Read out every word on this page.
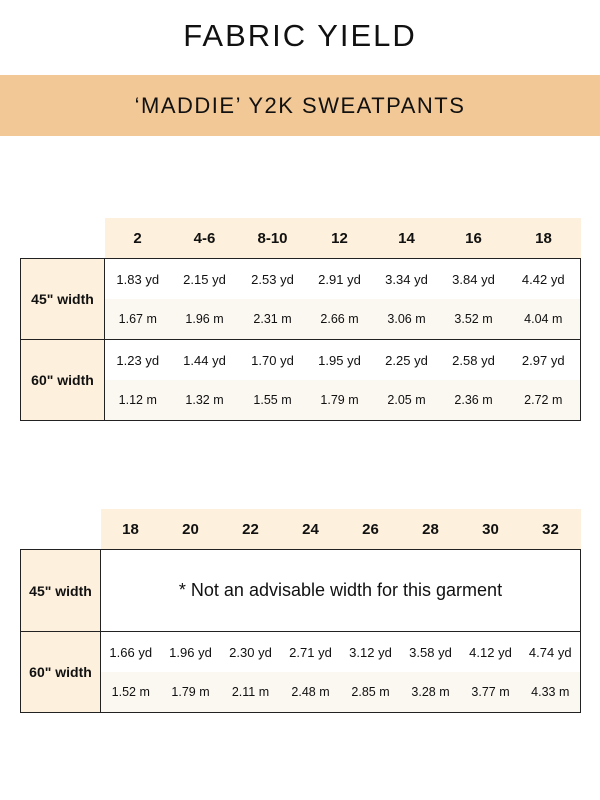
FABRIC YIELD
‘MADDIE’ Y2K SWEATPANTS
	2	4-6	8-10	12	14	16	18
45" width	1.83 yd	2.15 yd	2.53 yd	2.91 yd	3.34 yd	3.84 yd	4.42 yd
	1.67 m	1.96 m	2.31 m	2.66 m	3.06 m	3.52 m	4.04 m
60" width	1.23 yd	1.44 yd	1.70 yd	1.95 yd	2.25 yd	2.58 yd	2.97 yd
	1.12 m	1.32 m	1.55 m	1.79 m	2.05 m	2.36 m	2.72 m
	18	20	22	24	26	28	30	32
45" width	* Not an advisable width for this garment							
60" width	1.66 yd	1.96 yd	2.30 yd	2.71 yd	3.12 yd	3.58 yd	4.12 yd	4.74 yd
	1.52 m	1.79 m	2.11 m	2.48 m	2.85 m	3.28 m	3.77 m	4.33 m
